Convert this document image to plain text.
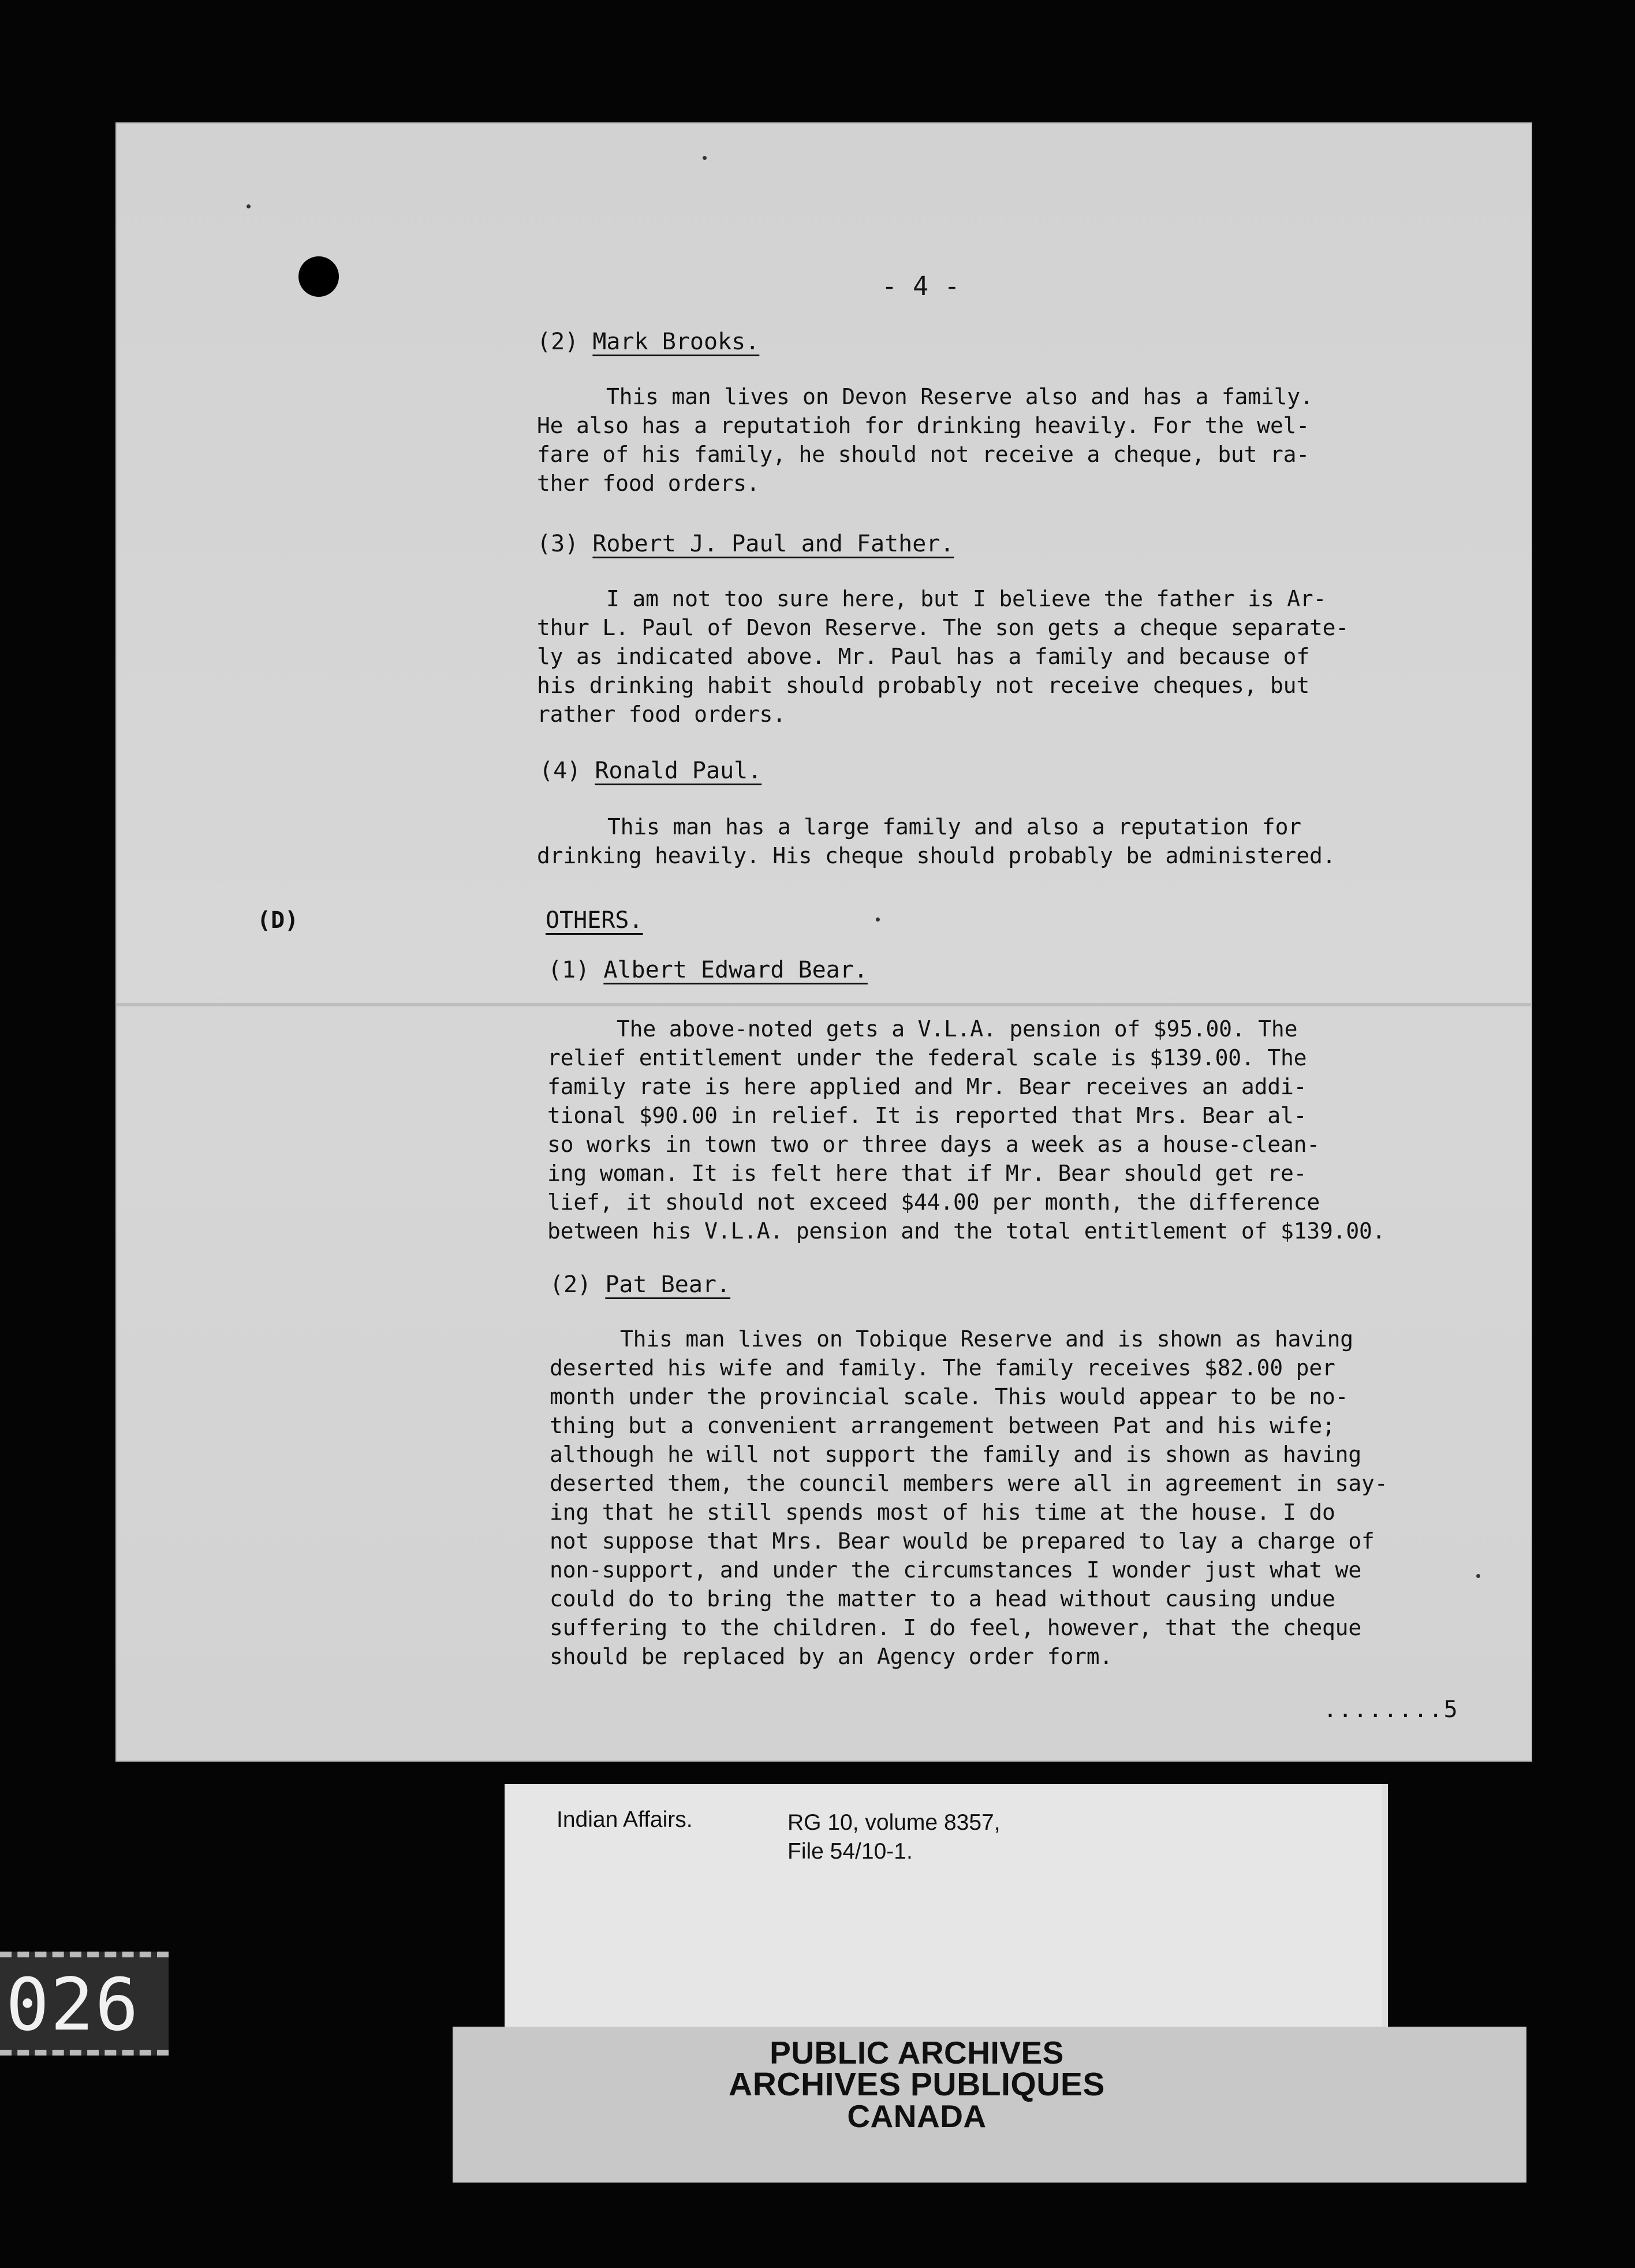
- 4 -
(2) Mark Brooks.

This man lives on Devon Reserve also and has a family.
He also has a reputatioh for drinking heavily. For the wel-
fare of his family, he should not receive a cheque, but ra-
ther food orders.

(3) Robert J. Paul and Father.

I am not too sure here, but I believe the father is Ar-
thur L. Paul of Devon Reserve. The son gets a cheque separate-
ly as indicated above. Mr. Paul has a family and because of
his drinking habit should probably not receive cheques, but
rather food orders.

(4) Ronald Paul.

This man has a large family and also a reputation for
drinking heavily. His cheque should probably be administered.

(D)	OTHERS.
(1) Albert Edward Bear.

The above-noted gets a V.L.A. pension of $95.00. The
relief entitlement under the federal scale is $139.00. The
family rate is here applied and Mr. Bear receives an addi-
tional $90.00 in relief. It is reported that Mrs. Bear al-
so works in town two or three days a week as a house-clean-
ing woman. It is felt here that if Mr. Bear should get re-
lief, it should not exceed $44.00 per month, the difference
between his V.L.A. pension and the total entitlement of $139.00.

(2) Pat Bear.

This man lives on Tobique Reserve and is shown as having
deserted his wife and family. The family receives $82.00 per
month under the provincial scale. This would appear to be no-
thing but a convenient arrangement between Pat and his wife;
although he will not support the family and is shown as having
deserted them, the council members were all in agreement in say-
ing that he still spends most of his time at the house. I do
not suppose that Mrs. Bear would be prepared to lay a charge of
non-support, and under the circumstances I wonder just what we
could do to bring the matter to a head without causing undue
suffering to the children. I do feel, however, that the cheque
should be replaced by an Agency order form.

........5
Indian Affairs.	RG 10, volume 8357,
File 54/10-1.
PUBLIC ARCHIVES
ARCHIVES PUBLIQUES
CANADA
026
